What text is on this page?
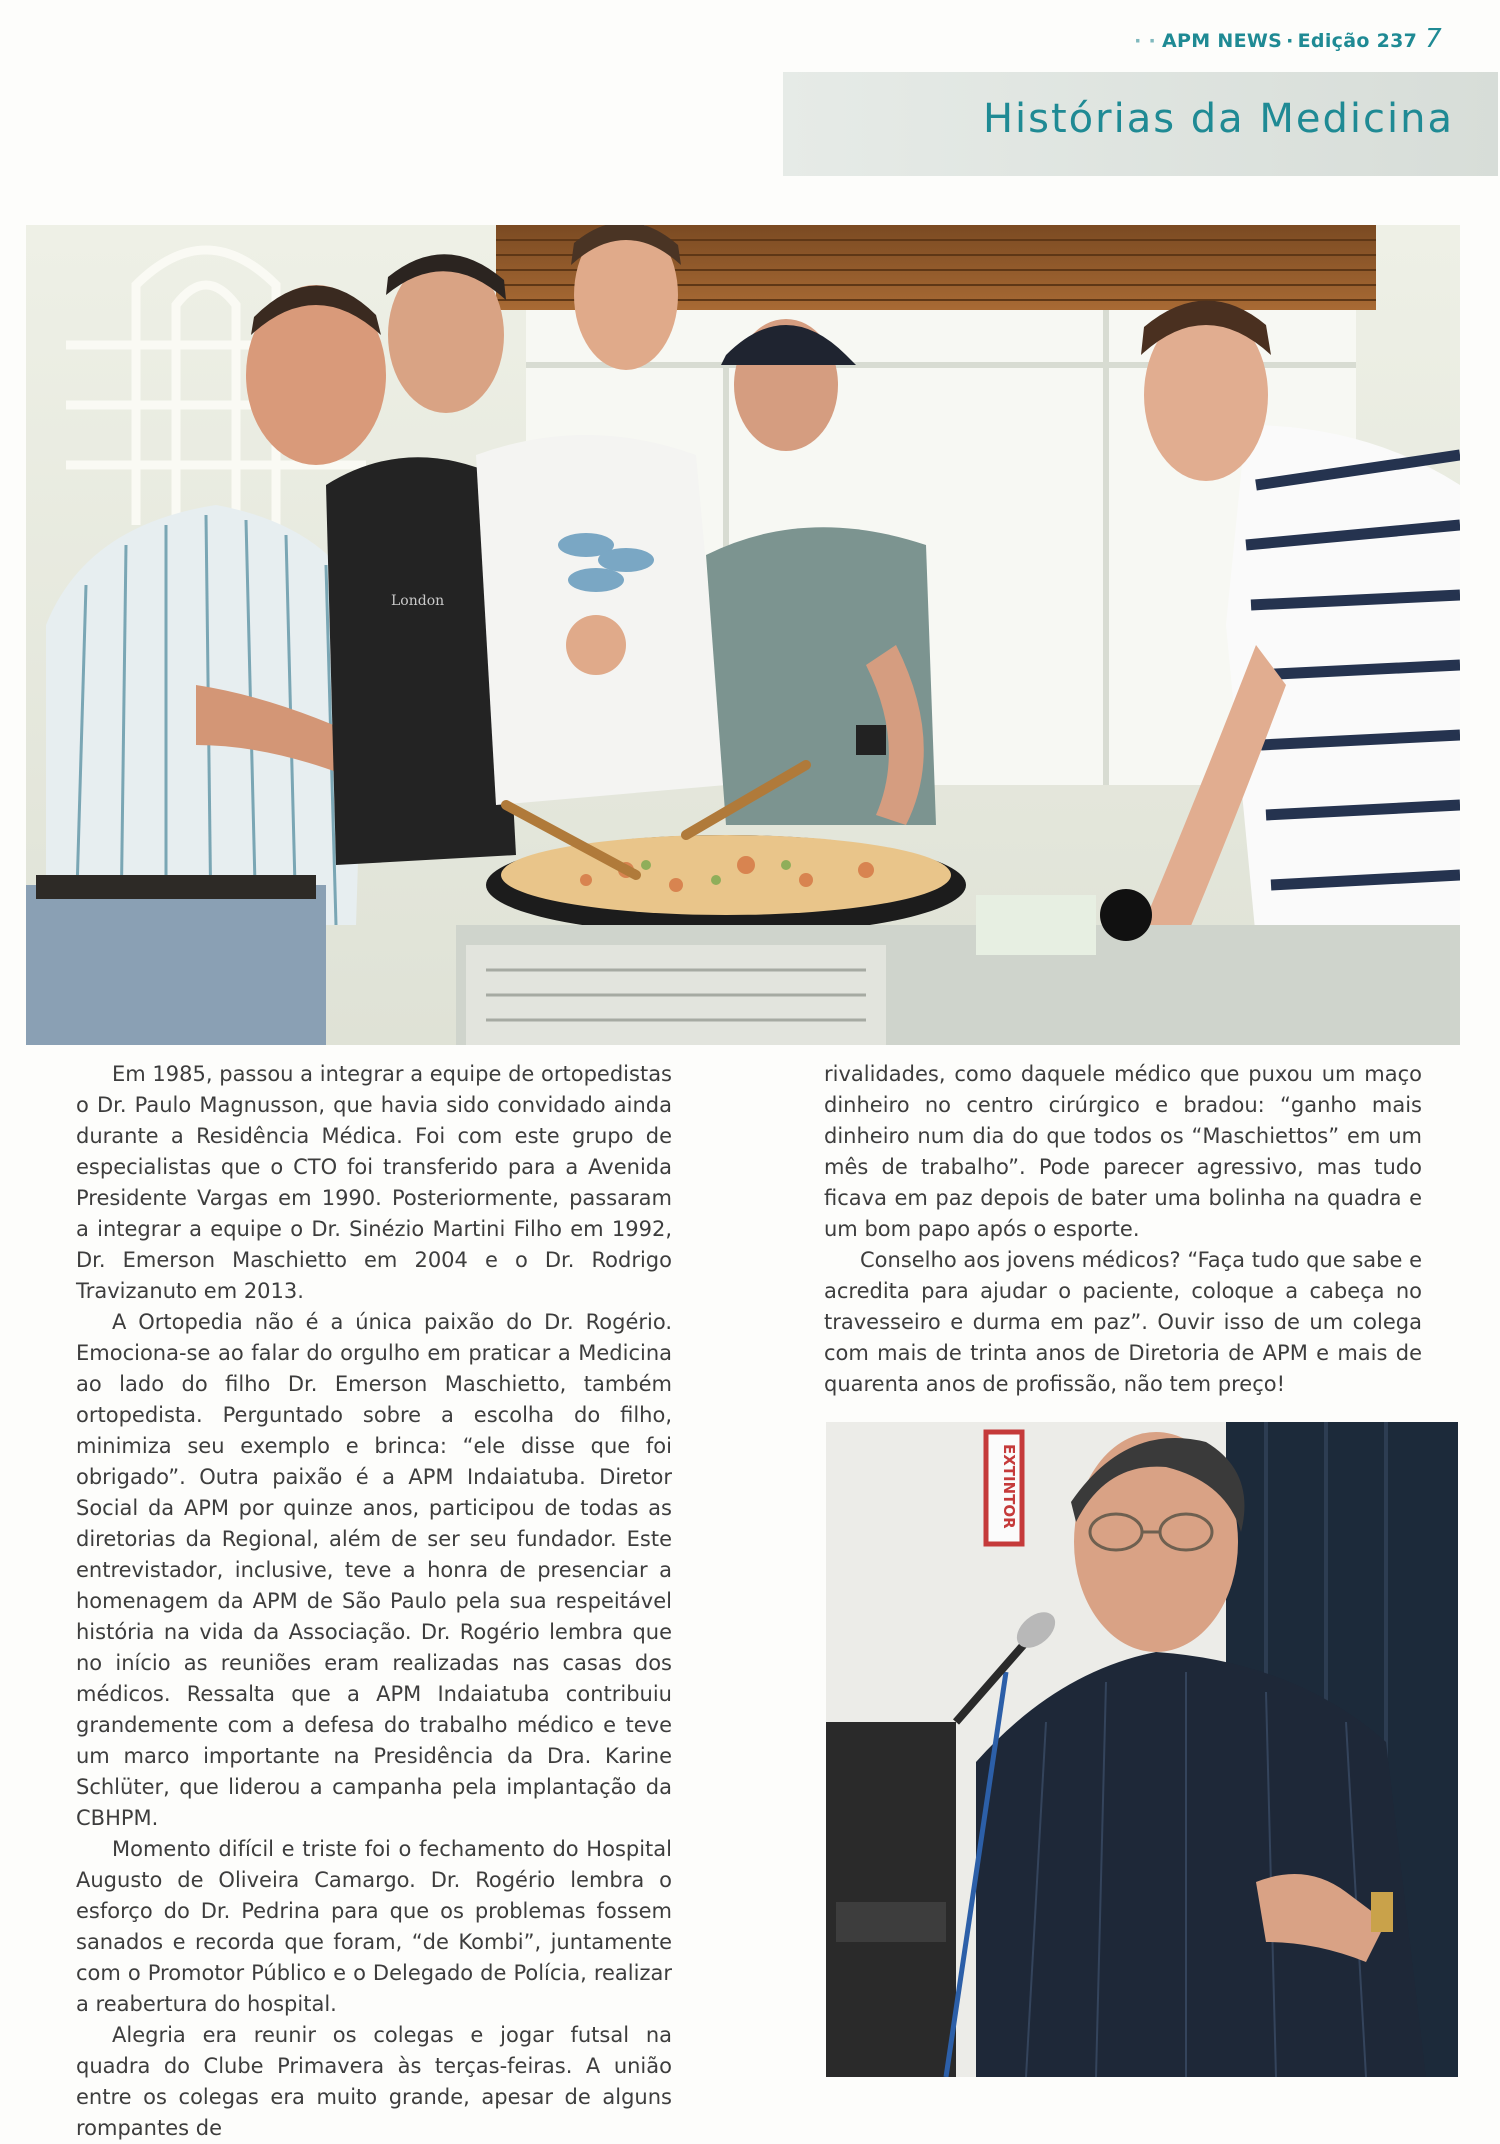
· · APM NEWS · Edição 237 7
Histórias da Medicina
London

Em 1985, passou a integrar a equipe de ortopedistas o Dr. Paulo Magnusson, que havia sido convidado ainda durante a Residência Médica. Foi com este grupo de especialistas que o CTO foi transferido para a Avenida Presidente Vargas em 1990. Posteriormente, passaram a integrar a equipe o Dr. Sinézio Martini Filho em 1992, Dr. Emerson Maschietto em 2004 e o Dr. Rodrigo Travizanuto em 2013.

A Ortopedia não é a única paixão do Dr. Rogério. Emociona-se ao falar do orgulho em praticar a Medicina ao lado do filho Dr. Emerson Maschietto, também ortopedista. Perguntado sobre a escolha do filho, minimiza seu exemplo e brinca: “ele disse que foi obrigado”. Outra paixão é a APM Indaiatuba. Diretor Social da APM por quinze anos, participou de todas as diretorias da Regional, além de ser seu fundador. Este entrevistador, inclusive, teve a honra de presenciar a homenagem da APM de São Paulo pela sua respeitável história na vida da Associação. Dr. Rogério lembra que no início as reuniões eram realizadas nas casas dos médicos. Ressalta que a APM Indaiatuba contribuiu grandemente com a defesa do trabalho médico e teve um marco importante na Presidência da Dra. Karine Schlüter, que liderou a campanha pela implantação da CBHPM.

Momento difícil e triste foi o fechamento do Hospital Augusto de Oliveira Camargo. Dr. Rogério lembra o esforço do Dr. Pedrina para que os problemas fossem sanados e recorda que foram, “de Kombi”, juntamente com o Promotor Público e o Delegado de Polícia, realizar a reabertura do hospital.

Alegria era reunir os colegas e jogar futsal na quadra do Clube Primavera às terças-feiras. A união entre os colegas era muito grande, apesar de alguns rompantes de

rivalidades, como daquele médico que puxou um maço dinheiro no centro cirúrgico e bradou: “ganho mais dinheiro num dia do que todos os “Maschiettos” em um mês de trabalho”. Pode parecer agressivo, mas tudo ficava em paz depois de bater uma bolinha na quadra e um bom papo após o esporte.

Conselho aos jovens médicos? “Faça tudo que sabe e acredita para ajudar o paciente, coloque a cabeça no travesseiro e durma em paz”. Ouvir isso de um colega com mais de trinta anos de Diretoria de APM e mais de quarenta anos de profissão, não tem preço!

EXTINTOR
